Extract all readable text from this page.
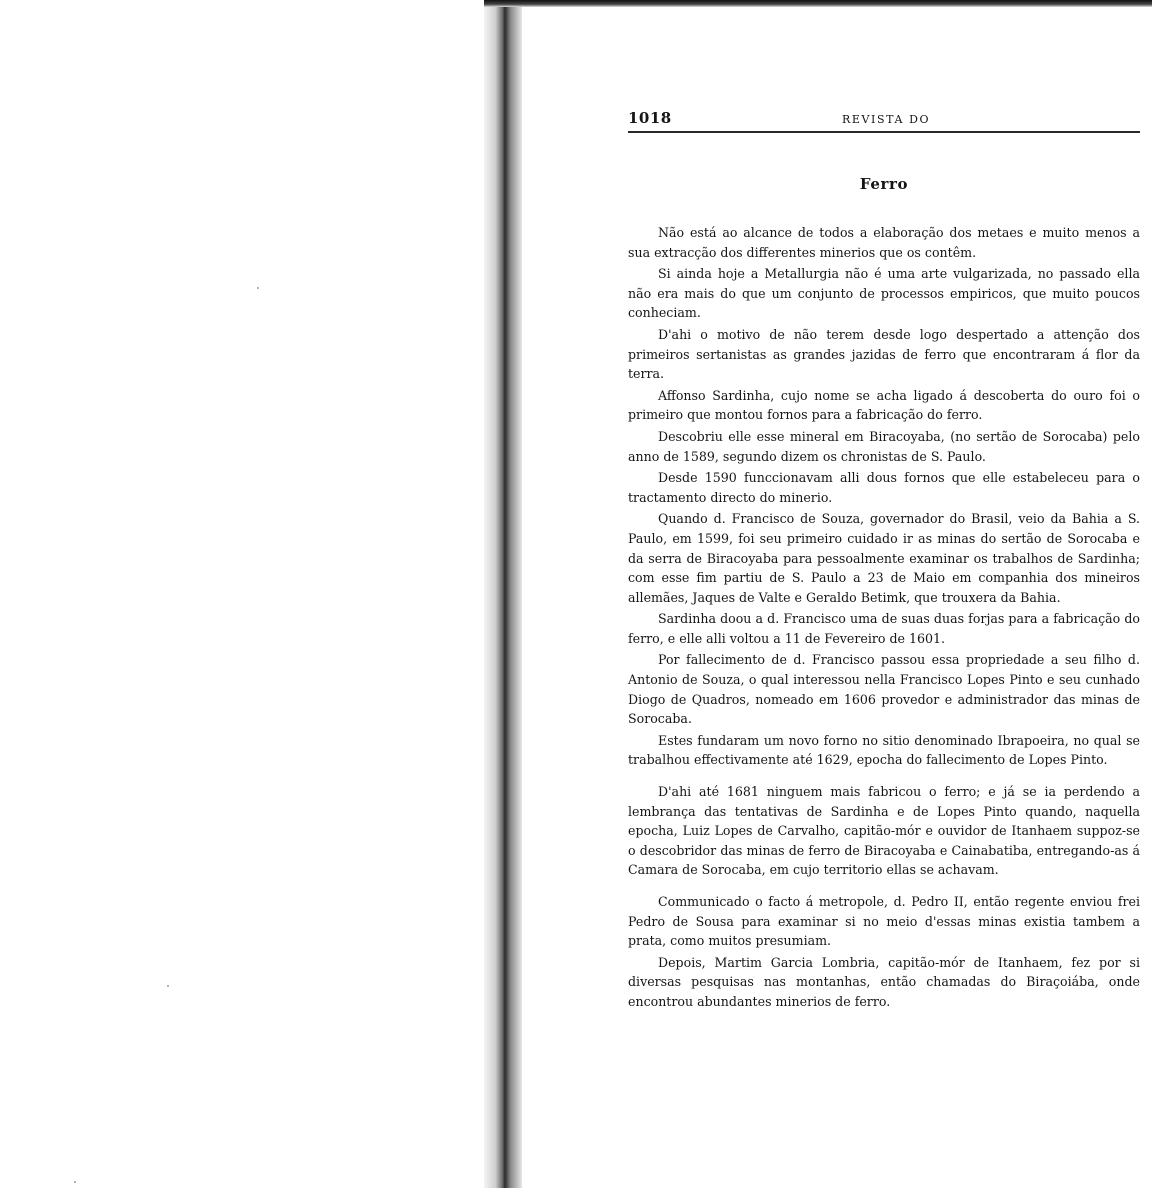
1018	REVISTA DO
Ferro

Não está ao alcance de todos a elaboração dos metaes e muito menos a sua extracção dos differentes minerios que os contêm.

Si ainda hoje a Metallurgia não é uma arte vulgarizada, no passado ella não era mais do que um conjunto de processos empiricos, que muito poucos conheciam.

D'ahi o motivo de não terem desde logo despertado a attenção dos primeiros sertanistas as grandes jazidas de ferro que encontraram á flor da terra.

Affonso Sardinha, cujo nome se acha ligado á descoberta do ouro foi o primeiro que montou fornos para a fabricação do ferro.

Descobriu elle esse mineral em Biracoyaba, (no sertão de Sorocaba) pelo anno de 1589, segundo dizem os chronistas de S. Paulo.

Desde 1590 funccionavam alli dous fornos que elle estabeleceu para o tractamento directo do minerio.

Quando d. Francisco de Souza, governador do Brasil, veio da Bahia a S. Paulo, em 1599, foi seu primeiro cuidado ir as minas do sertão de Sorocaba e da serra de Biracoyaba para pessoalmente examinar os trabalhos de Sardinha; com esse fim partiu de S. Paulo a 23 de Maio em companhia dos mineiros allemães, Jaques de Valte e Geraldo Betimk, que trouxera da Bahia.

Sardinha doou a d. Francisco uma de suas duas forjas para a fabricação do ferro, e elle alli voltou a 11 de Fevereiro de 1601.

Por fallecimento de d. Francisco passou essa propriedade a seu filho d. Antonio de Souza, o qual interessou nella Francisco Lopes Pinto e seu cunhado Diogo de Quadros, nomeado em 1606 provedor e administrador das minas de Sorocaba.

Estes fundaram um novo forno no sitio denominado Ibrapoeira, no qual se trabalhou effectivamente até 1629, epocha do fallecimento de Lopes Pinto.

D'ahi até 1681 ninguem mais fabricou o ferro; e já se ia perdendo a lembrança das tentativas de Sardinha e de Lopes Pinto quando, naquella epocha, Luiz Lopes de Carvalho, capitão-mór e ouvidor de Itanhaem suppoz-se o descobridor das minas de ferro de Biracoyaba e Cainabatiba, entregando-as á Camara de Sorocaba, em cujo territorio ellas se achavam.

Communicado o facto á metropole, d. Pedro II, então regente enviou frei Pedro de Sousa para examinar si no meio d'essas minas existia tambem a prata, como muitos presumiam.

Depois, Martim Garcia Lombria, capitão-mór de Itanhaem, fez por si diversas pesquisas nas montanhas, então chamadas do Biraçoiába, onde encontrou abundantes minerios de ferro.
